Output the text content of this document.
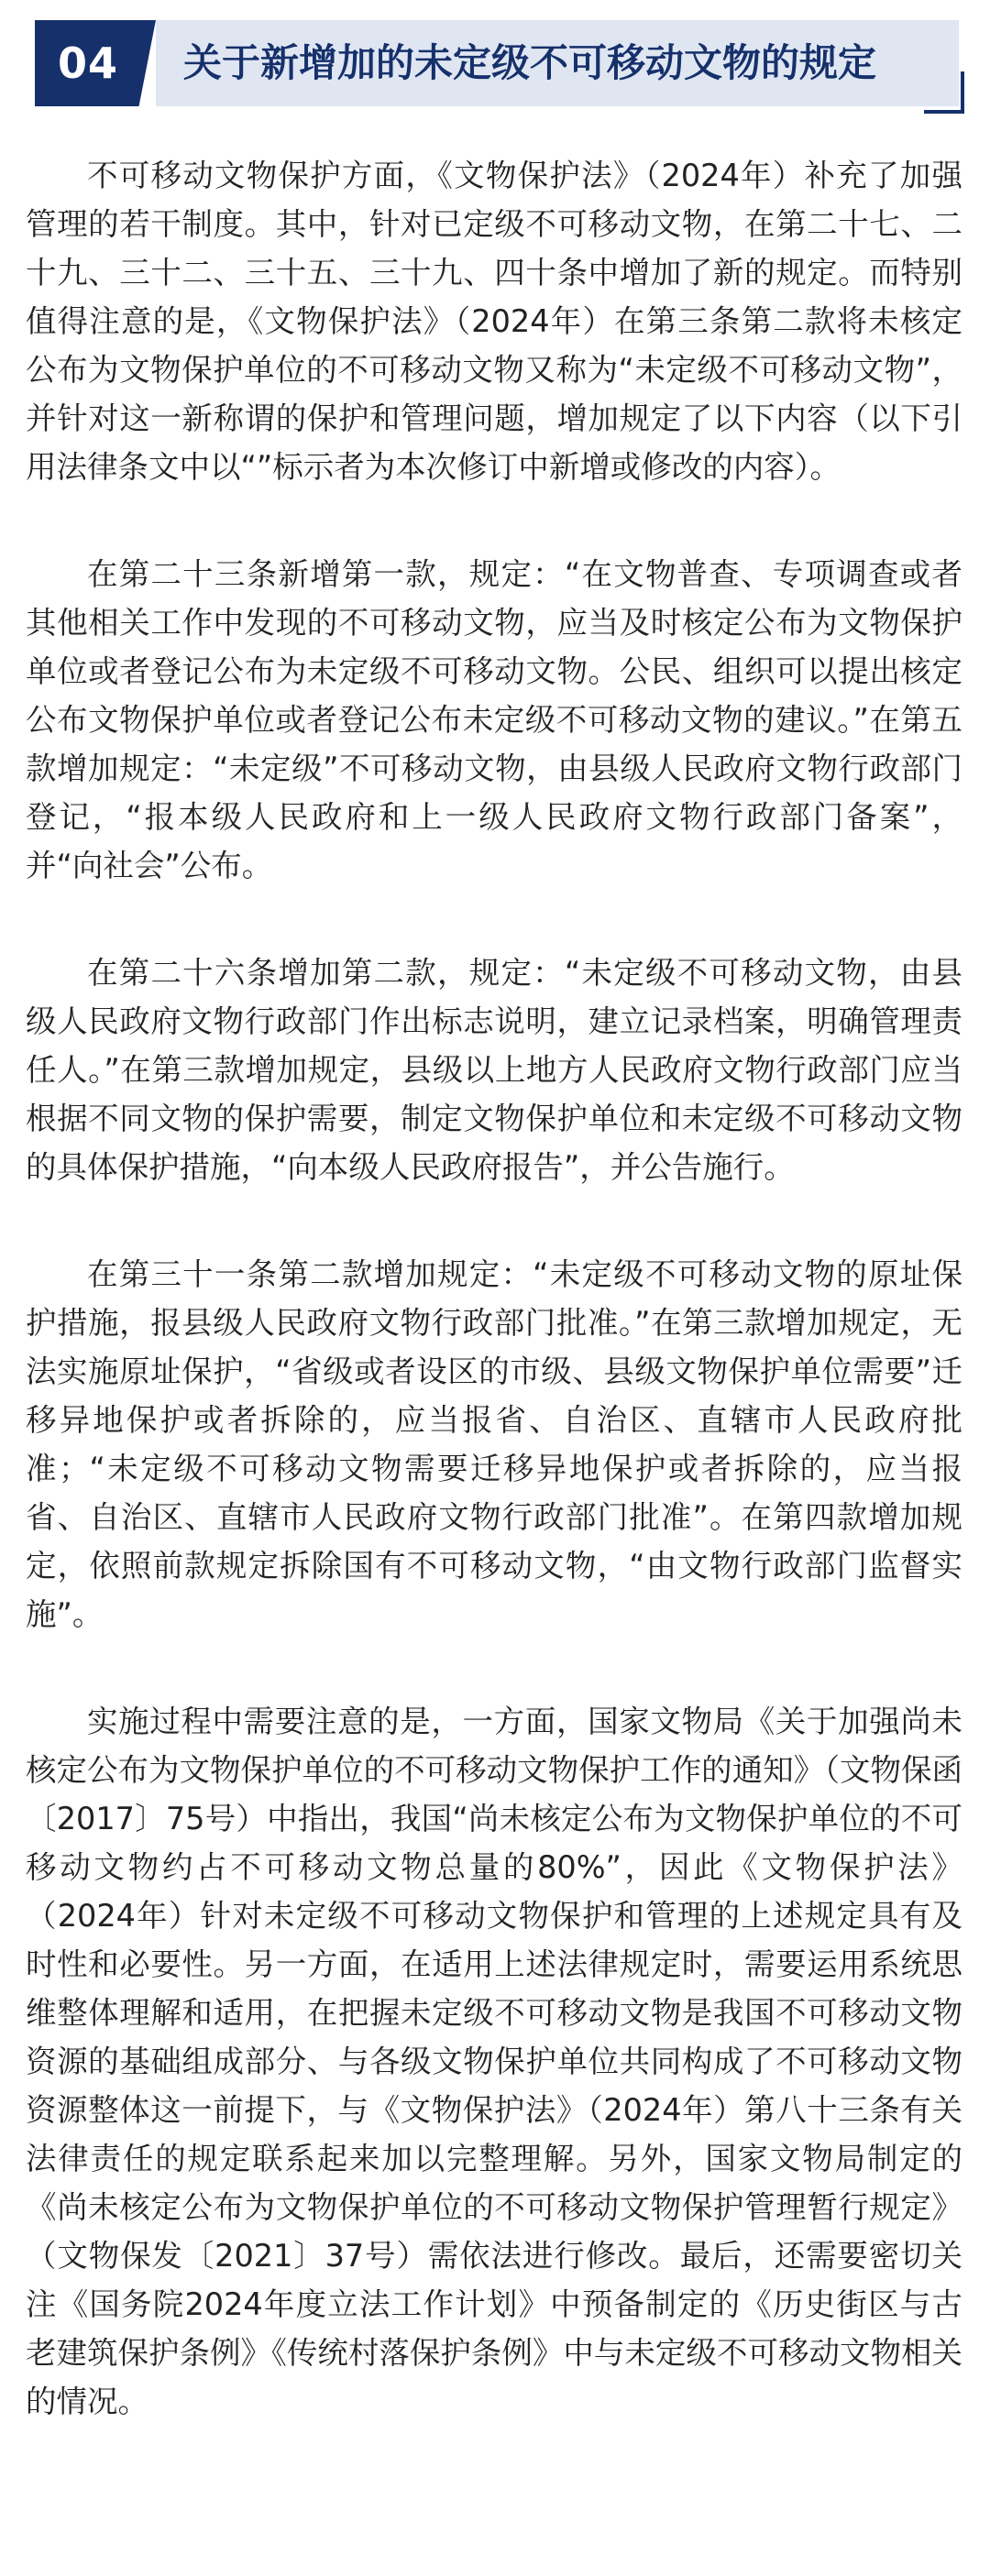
04	关于新增加的未定级不可移动文物的规定

不可移动文物保护方面，《文物保护法》（2024年）补充了加强管理的若干制度。其中，针对已定级不可移动文物，在第二十七、二十九、三十二、三十五、三十九、四十条中增加了新的规定。而特别值得注意的是，《文物保护法》（2024年）在第三条第二款将未核定公布为文物保护单位的不可移动文物又称为“未定级不可移动文物”，并针对这一新称谓的保护和管理问题，增加规定了以下内容（以下引用法律条文中以“”标示者为本次修订中新增或修改的内容）。

在第二十三条新增第一款，规定：“在文物普查、专项调查或者其他相关工作中发现的不可移动文物，应当及时核定公布为文物保护单位或者登记公布为未定级不可移动文物。公民、组织可以提出核定公布文物保护单位或者登记公布未定级不可移动文物的建议。”在第五款增加规定：“未定级”不可移动文物，由县级人民政府文物行政部门登记，“报本级人民政府和上一级人民政府文物行政部门备案”，并“向社会”公布。

在第二十六条增加第二款，规定：“未定级不可移动文物，由县级人民政府文物行政部门作出标志说明，建立记录档案，明确管理责任人。”在第三款增加规定，县级以上地方人民政府文物行政部门应当根据不同文物的保护需要，制定文物保护单位和未定级不可移动文物的具体保护措施，“向本级人民政府报告”，并公告施行。

在第三十一条第二款增加规定：“未定级不可移动文物的原址保护措施，报县级人民政府文物行政部门批准。”在第三款增加规定，无法实施原址保护，“省级或者设区的市级、县级文物保护单位需要”迁移异地保护或者拆除的，应当报省、自治区、直辖市人民政府批准；“未定级不可移动文物需要迁移异地保护或者拆除的，应当报省、自治区、直辖市人民政府文物行政部门批准”。在第四款增加规定，依照前款规定拆除国有不可移动文物，“由文物行政部门监督实施”。

实施过程中需要注意的是，一方面，国家文物局《关于加强尚未核定公布为文物保护单位的不可移动文物保护工作的通知》（文物保函〔2017〕75号）中指出，我国“尚未核定公布为文物保护单位的不可移动文物约占不可移动文物总量的80%”，因此《文物保护法》（2024年）针对未定级不可移动文物保护和管理的上述规定具有及时性和必要性。另一方面，在适用上述法律规定时，需要运用系统思维整体理解和适用，在把握未定级不可移动文物是我国不可移动文物资源的基础组成部分、与各级文物保护单位共同构成了不可移动文物资源整体这一前提下，与《文物保护法》（2024年）第八十三条有关法律责任的规定联系起来加以完整理解。另外，国家文物局制定的《尚未核定公布为文物保护单位的不可移动文物保护管理暂行规定》（文物保发〔2021〕37号）需依法进行修改。最后，还需要密切关注《国务院2024年度立法工作计划》中预备制定的《历史街区与古老建筑保护条例》《传统村落保护条例》中与未定级不可移动文物相关的情况。
